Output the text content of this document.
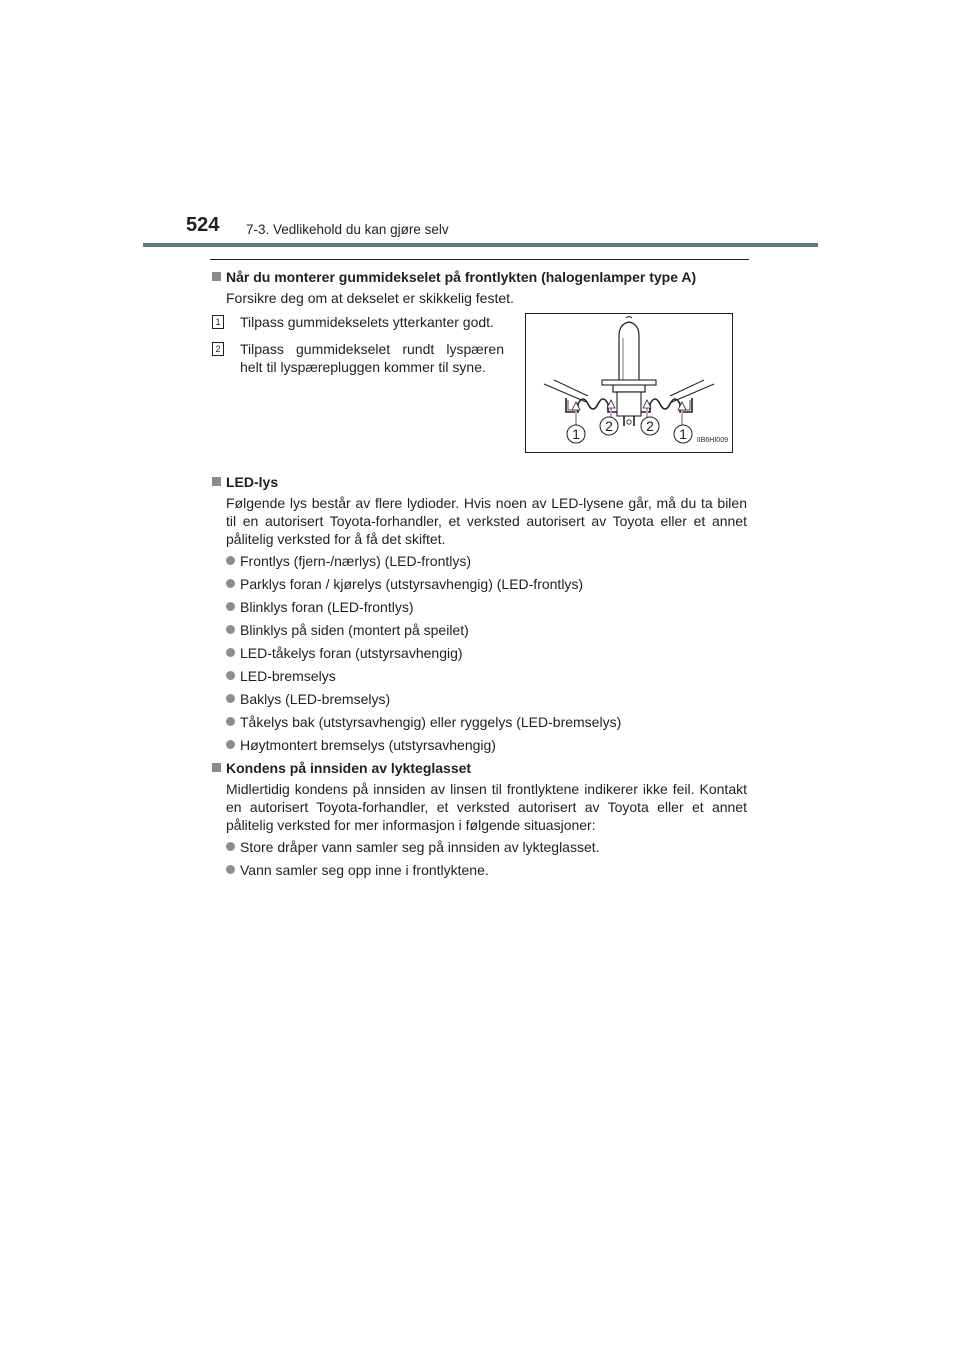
524 7-3. Vedlikehold du kan gjøre selv
Når du monterer gummidekselet på frontlykten (halogenlamper type A)
Forsikre deg om at dekselet er skikkelig festet.
1 Tilpass gummidekselets ytterkanter godt.
2 Tilpass gummidekselet rundt lyspæren helt til lyspærepluggen kommer til syne.
1 2 2 1 IIB6HI009
LED-lys
Følgende lys består av flere lydioder. Hvis noen av LED-lysene går, må du ta bilen til en autorisert Toyota-forhandler, et verksted autorisert av Toyota eller et annet pålitelig verksted for å få det skiftet.
Frontlys (fjern-/nærlys) (LED-frontlys)
Parklys foran / kjørelys (utstyrsavhengig) (LED-frontlys)
Blinklys foran (LED-frontlys)
Blinklys på siden (montert på speilet)
LED-tåkelys foran (utstyrsavhengig)
LED-bremselys
Baklys (LED-bremselys)
Tåkelys bak (utstyrsavhengig) eller ryggelys (LED-bremselys)
Høytmontert bremselys (utstyrsavhengig)
Kondens på innsiden av lykteglasset
Midlertidig kondens på innsiden av linsen til frontlyktene indikerer ikke feil. Kontakt en autorisert Toyota-forhandler, et verksted autorisert av Toyota eller et annet pålitelig verksted for mer informasjon i følgende situasjoner:
Store dråper vann samler seg på innsiden av lykteglasset.
Vann samler seg opp inne i frontlyktene.
